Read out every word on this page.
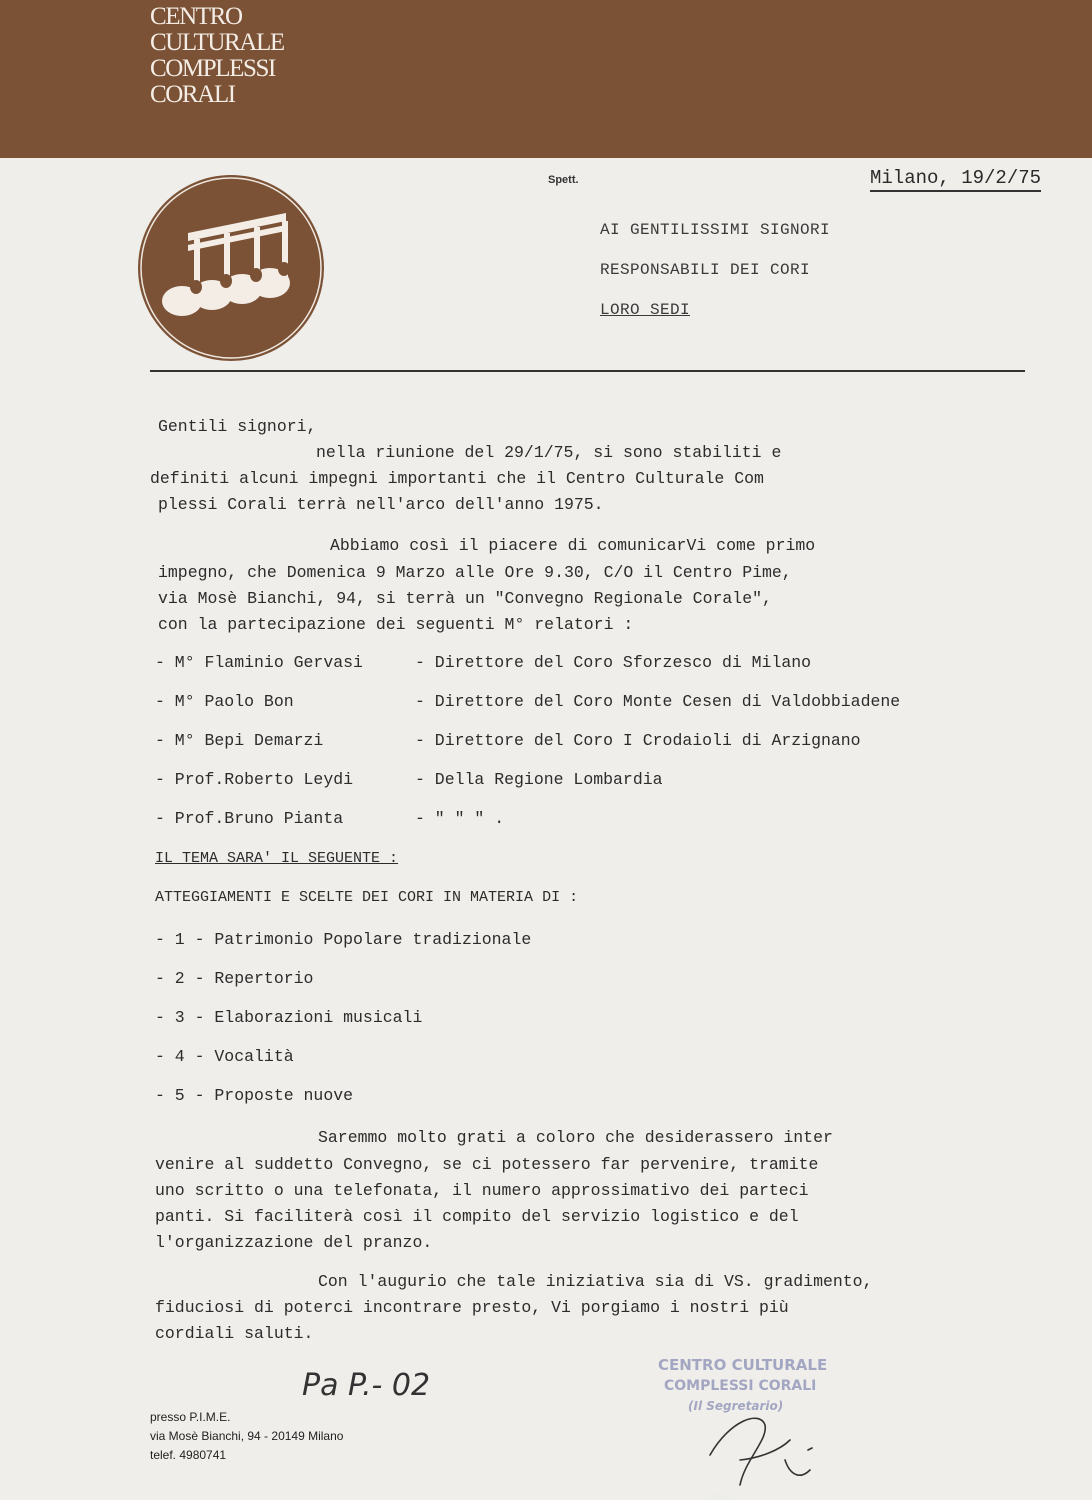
CENTRO
CULTURALE
COMPLESSI
CORALI
Spett.	Milano, 19/2/75
AI GENTILISSIMI SIGNORI
RESPONSABILI DEI CORI
LORO SEDI
Gentili signori,
nella riunione del 29/1/75, si sono stabiliti e
definiti alcuni impegni importanti che il Centro Culturale Com
plessi Corali terrà nell'arco dell'anno 1975.
Abbiamo così il piacere di comunicarVi come primo
impegno, che Domenica 9 Marzo alle Ore 9.30, C/O il Centro Pime,
via Mosè Bianchi, 94, si terrà un "Convegno Regionale Corale",
con la partecipazione dei seguenti M° relatori :
- M° Flaminio Gervasi	- Direttore del Coro Sforzesco di Milano
- M° Paolo Bon	- Direttore del Coro Monte Cesen di Valdobbiadene
- M° Bepi Demarzi	- Direttore del Coro I Crodaioli di Arzignano
- Prof.Roberto Leydi	- Della Regione Lombardia
- Prof.Bruno Pianta	- " " " .
IL TEMA SARA' IL SEGUENTE :
ATTEGGIAMENTI E SCELTE DEI CORI IN MATERIA DI :
- 1 - Patrimonio Popolare tradizionale
- 2 - Repertorio
- 3 - Elaborazioni musicali
- 4 - Vocalità
- 5 - Proposte nuove
Saremmo molto grati a coloro che desiderassero inter
venire al suddetto Convegno, se ci potessero far pervenire, tramite
uno scritto o una telefonata, il numero approssimativo dei parteci
panti. Si faciliterà così il compito del servizio logistico e del
l'organizzazione del pranzo.
Con l'augurio che tale iniziativa sia di VS. gradimento,
fiduciosi di poterci incontrare presto, Vi porgiamo i nostri più
cordiali saluti.
Pa P.- 02
CENTRO CULTURALE
COMPLESSI CORALI
(Il Segretario)
Pozzi
presso P.I.M.E.
via Mosè Bianchi, 94 - 20149 Milano
telef. 4980741
